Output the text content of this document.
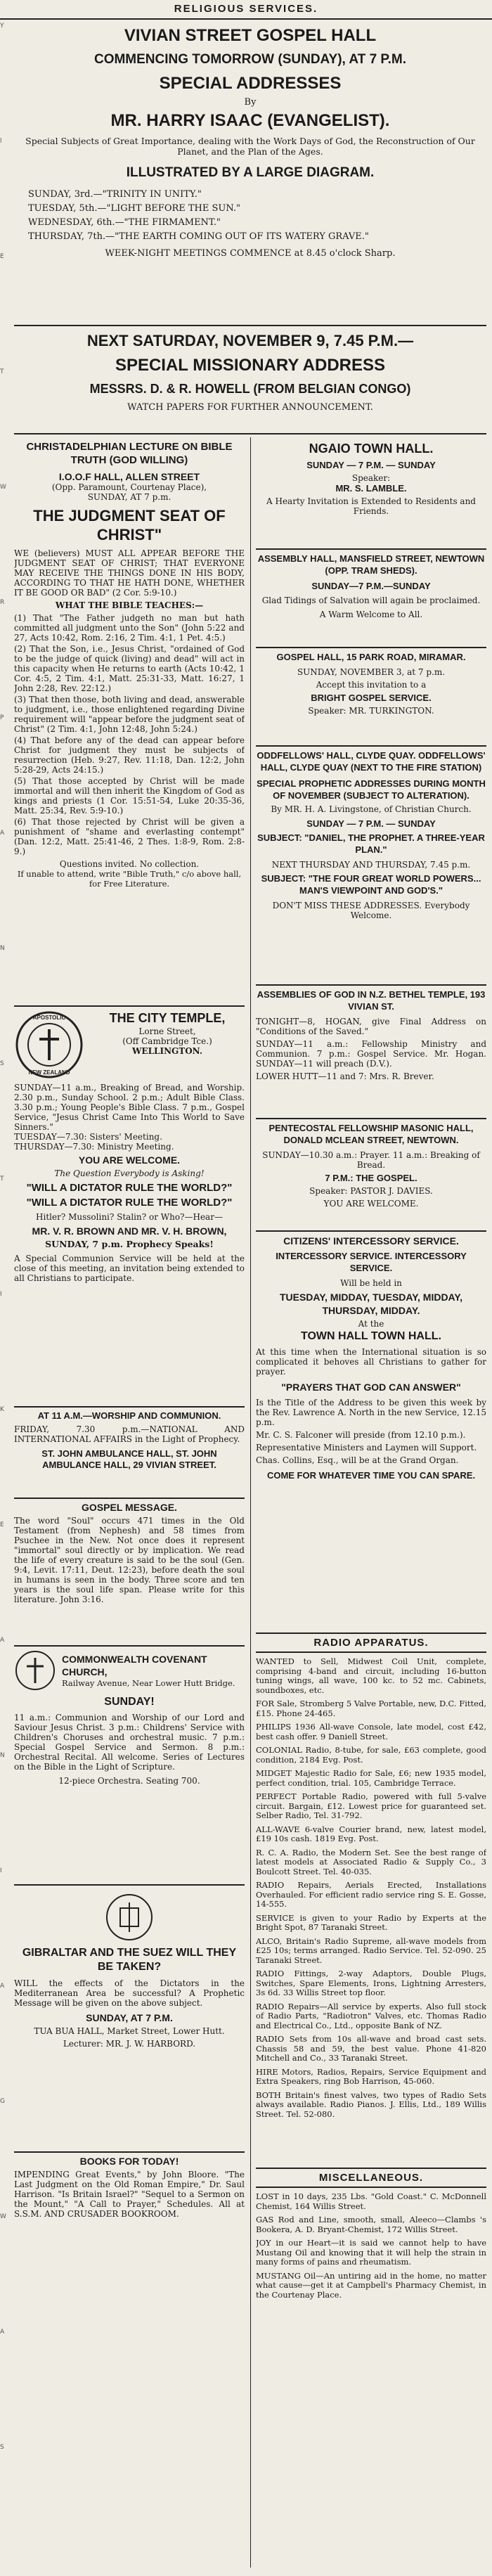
RELIGIOUS SERVICES.
Y
l
E
T
W
R
P
A
N
S
T
I
K
E
A
N
I
A
G
W
A
S
VIVIAN STREET GOSPEL HALL
COMMENCING TOMORROW (SUNDAY), AT 7 P.M.
SPECIAL ADDRESSES
By
MR. HARRY ISAAC (EVANGELIST).
Special Subjects of Great Importance, dealing with the Work Days of God, the Reconstruction of Our Planet, and the Plan of the Ages.
ILLUSTRATED BY A LARGE DIAGRAM.
SUNDAY, 3rd.—"TRINITY IN UNITY."
TUESDAY, 5th.—"LIGHT BEFORE THE SUN."
WEDNESDAY, 6th.—"THE FIRMAMENT."
THURSDAY, 7th.—"THE EARTH COMING OUT OF ITS WATERY GRAVE."
WEEK-NIGHT MEETINGS COMMENCE at 8.45 o'clock Sharp.
NEXT SATURDAY, NOVEMBER 9, 7.45 P.M.—
SPECIAL MISSIONARY ADDRESS
MESSRS. D. & R. HOWELL (FROM BELGIAN CONGO)
WATCH PAPERS FOR FURTHER ANNOUNCEMENT.
CHRISTADELPHIAN LECTURE ON BIBLE TRUTH (GOD WILLING)
I.O.O.F HALL, ALLEN STREET
(Opp. Paramount, Courtenay Place),
SUNDAY, AT 7 p.m.
THE JUDGMENT SEAT OF CHRIST"

WE (believers) MUST ALL APPEAR BEFORE THE JUDGMENT SEAT OF CHRIST; THAT EVERYONE MAY RECEIVE THE THINGS DONE IN HIS BODY, ACCORDING TO THAT HE HATH DONE, WHETHER IT BE GOOD OR BAD" (2 Cor. 5:9-10.)

WHAT THE BIBLE TEACHES:—

(1) That "The Father judgeth no man but hath committed all judgment unto the Son" (John 5:22 and 27, Acts 10:42, Rom. 2:16, 2 Tim. 4:1, 1 Pet. 4:5.)

(2) That the Son, i.e., Jesus Christ, "ordained of God to be the judge of quick (living) and dead" will act in this capacity when He returns to earth (Acts 10:42, 1 Cor. 4:5, 2 Tim. 4:1, Matt. 25:31-33, Matt. 16:27, 1 John 2:28, Rev. 22:12.)

(3) That then those, both living and dead, answerable to judgment, i.e., those enlightened regarding Divine requirement will "appear before the judgment seat of Christ" (2 Tim. 4:1, John 12:48, John 5:24.)

(4) That before any of the dead can appear before Christ for judgment they must be subjects of resurrection (Heb. 9:27, Rev. 11:18, Dan. 12:2, John 5:28-29, Acts 24:15.)

(5) That those accepted by Christ will be made immortal and will then inherit the Kingdom of God as kings and priests (1 Cor. 15:51-54, Luke 20:35-36, Matt. 25:34, Rev. 5:9-10.)

(6) That those rejected by Christ will be given a punishment of "shame and everlasting contempt" (Dan. 12:2, Matt. 25:41-46, 2 Thes. 1:8-9, Rom. 2:8-9.)

Questions invited. No collection.
If unable to attend, write "Bible Truth," c/o above hall, for Free Literature.
APOSTOLIC
NEW ZEALAND
THE CITY TEMPLE,
Lorne Street,
(Off Cambridge Tce.)
WELLINGTON.

SUNDAY—11 a.m., Breaking of Bread, and Worship. 2.30 p.m., Sunday School. 2 p.m.; Adult Bible Class. 3.30 p.m.; Young People's Bible Class. 7 p.m., Gospel Service, "Jesus Christ Came Into This World to Save Sinners."

TUESDAY—7.30: Sisters' Meeting.

THURSDAY—7.30: Ministry Meeting.

YOU ARE WELCOME.
The Question Everybody is Asking!
"WILL A DICTATOR RULE THE WORLD?"
"WILL A DICTATOR RULE THE WORLD?"
Hitler? Mussolini? Stalin? or Who?—Hear—
MR. V. R. BROWN AND MR. V. H. BROWN,
SUNDAY, 7 p.m. Prophecy Speaks!

A Special Communion Service will be held at the close of this meeting, an invitation being extended to all Christians to participate.

AT 11 A.M.—WORSHIP AND COMMUNION.

FRIDAY, 7.30 p.m.—NATIONAL AND INTERNATIONAL AFFAIRS in the Light of Prophecy.

ST. JOHN AMBULANCE HALL, ST. JOHN AMBULANCE HALL, 29 VIVIAN STREET.
GOSPEL MESSAGE.

The word "Soul" occurs 471 times in the Old Testament (from Nephesh) and 58 times from Psuchee in the New. Not once does it represent "immortal" soul directly or by implication. We read the life of every creature is said to be the soul (Gen. 9:4, Levit. 17:11, Deut. 12:23), before death the soul in humans is seen in the body. Three score and ten years is the soul life span. Please write for this literature. John 3:16.

COMMONWEALTH COVENANT CHURCH,
Railway Avenue, Near Lower Hutt Bridge.
SUNDAY!

11 a.m.: Communion and Worship of our Lord and Saviour Jesus Christ. 3 p.m.: Childrens' Service with Children's Choruses and orchestral music. 7 p.m.: Special Gospel Service and Sermon. 8 p.m.: Orchestral Recital. All welcome. Series of Lectures on the Bible in the Light of Scripture.

12-piece Orchestra. Seating 700.
GIBRALTAR AND THE SUEZ WILL THEY BE TAKEN?

WILL the effects of the Dictators in the Mediterranean Area be successful? A Prophetic Message will be given on the above subject.

SUNDAY, AT 7 P.M.
TUA BUA HALL, Market Street, Lower Hutt.
Lecturer: MR. J. W. HARBORD.
BOOKS FOR TODAY!

IMPENDING Great Events," by John Bloore. "The Last Judgment on the Old Roman Empire," Dr. Saul Harrison. "Is Britain Israel?" "Sequel to a Sermon on the Mount," "A Call to Prayer," Schedules. All at S.S.M. AND CRUSADER BOOKROOM.

NGAIO TOWN HALL.
SUNDAY — 7 P.M. — SUNDAY
Speaker:
MR. S. LAMBLE.
A Hearty Invitation is Extended to Residents and Friends.
ASSEMBLY HALL, MANSFIELD STREET, NEWTOWN (OPP. TRAM SHEDS).
SUNDAY—7 P.M.—SUNDAY
Glad Tidings of Salvation will again be proclaimed.
A Warm Welcome to All.
GOSPEL HALL, 15 PARK ROAD, MIRAMAR.
SUNDAY, NOVEMBER 3, at 7 p.m.
Accept this invitation to a
BRIGHT GOSPEL SERVICE.
Speaker: MR. TURKINGTON.
ODDFELLOWS' HALL, CLYDE QUAY. ODDFELLOWS' HALL, CLYDE QUAY (NEXT TO THE FIRE STATION)
SPECIAL PROPHETIC ADDRESSES DURING MONTH OF NOVEMBER (SUBJECT TO ALTERATION).
By MR. H. A. Livingstone, of Christian Church.
SUNDAY — 7 P.M. — SUNDAY
SUBJECT: "DANIEL, THE PROPHET. A THREE-YEAR PLAN."
NEXT THURSDAY AND THURSDAY, 7.45 p.m.
SUBJECT: "THE FOUR GREAT WORLD POWERS... MAN'S VIEWPOINT AND GOD'S."
DON'T MISS THESE ADDRESSES. Everybody Welcome.
ASSEMBLIES OF GOD IN N.Z. BETHEL TEMPLE, 193 VIVIAN ST.

TONIGHT—8, HOGAN, give Final Address on "Conditions of the Saved."

SUNDAY—11 a.m.: Fellowship Ministry and Communion. 7 p.m.: Gospel Service. Mr. Hogan. SUNDAY—11 will preach (D.V.).

LOWER HUTT—11 and 7: Mrs. R. Brever.

PENTECOSTAL FELLOWSHIP MASONIC HALL, DONALD MCLEAN STREET, NEWTOWN.
SUNDAY—10.30 a.m.: Prayer. 11 a.m.: Breaking of Bread.
7 P.M.: THE GOSPEL.
Speaker: PASTOR J. DAVIES.
YOU ARE WELCOME.
CITIZENS' INTERCESSORY SERVICE.
INTERCESSORY SERVICE. INTERCESSORY SERVICE.
Will be held in
TUESDAY, MIDDAY, TUESDAY, MIDDAY,
THURSDAY, MIDDAY.
At the
TOWN HALL TOWN HALL.

At this time when the International situation is so complicated it behoves all Christians to gather for prayer.

"PRAYERS THAT GOD CAN ANSWER"

Is the Title of the Address to be given this week by the Rev. Lawrence A. North in the new Service, 12.15 p.m.

Mr. C. S. Falconer will preside (from 12.10 p.m.).

Representative Ministers and Laymen will Support.

Chas. Collins, Esq., will be at the Grand Organ.

COME FOR WHATEVER TIME YOU CAN SPARE.
RADIO APPARATUS.

WANTED to Sell, Midwest Coil Unit, complete, comprising 4-band and circuit, including 16-button tuning wings, all wave, 100 kc. to 52 mc. Cabinets, soundboxes, etc.

FOR Sale, Stromberg 5 Valve Portable, new, D.C. Fitted, £15. Phone 24-465.

PHILIPS 1936 All-wave Console, late model, cost £42, best cash offer. 9 Daniell Street.

COLONIAL Radio, 8-tube, for sale, £63 complete, good condition, 2184 Evg. Post.

MIDGET Majestic Radio for Sale, £6; new 1935 model, perfect condition, trial. 105, Cambridge Terrace.

PERFECT Portable Radio, powered with full 5-valve circuit. Bargain, £12. Lowest price for guaranteed set. Selber Radio, Tel. 31-792.

ALL-WAVE 6-valve Courier brand, new, latest model, £19 10s cash. 1819 Evg. Post.

R. C. A. Radio, the Modern Set. See the best range of latest models at Associated Radio & Supply Co., 3 Boulcott Street. Tel. 40-035.

RADIO Repairs, Aerials Erected, Installations Overhauled. For efficient radio service ring S. E. Gosse, 14-555.

SERVICE is given to your Radio by Experts at the Bright Spot, 87 Taranaki Street.

ALCO, Britain's Radio Supreme, all-wave models from £25 10s; terms arranged. Radio Service. Tel. 52-090. 25 Taranaki Street.

RADIO Fittings, 2-way Adaptors, Double Plugs, Switches, Spare Elements, Irons, Lightning Arresters, 3s 6d. 33 Willis Street top floor.

RADIO Repairs—All service by experts. Also full stock of Radio Parts, "Radiotron" Valves, etc. Thomas Radio and Electrical Co., Ltd., opposite Bank of NZ.

RADIO Sets from 10s all-wave and broad cast sets. Chassis 58 and 59, the best value. Phone 41-820 Mitchell and Co., 33 Taranaki Street.

HIRE Motors, Radios, Repairs, Service Equipment and Extra Speakers, ring Bob Harrison, 45-060.

BOTH Britain's finest valves, two types of Radio Sets always available. Radio Pianos. J. Ellis, Ltd., 189 Willis Street. Tel. 52-080.

MISCELLANEOUS.

LOST in 10 days, 235 Lbs. "Gold Coast." C. McDonnell Chemist, 164 Willis Street.

GAS Rod and Line, smooth, small, Aleeco—Clambs 's Bookera, A. D. Bryant-Chemist, 172 Willis Street.

JOY in our Heart—it is said we cannot help to have Mustang Oil and knowing that it will help the strain in many forms of pains and rheumatism.

MUSTANG Oil—An untiring aid in the home, no matter what cause—get it at Campbell's Pharmacy Chemist, in the Courtenay Place.
